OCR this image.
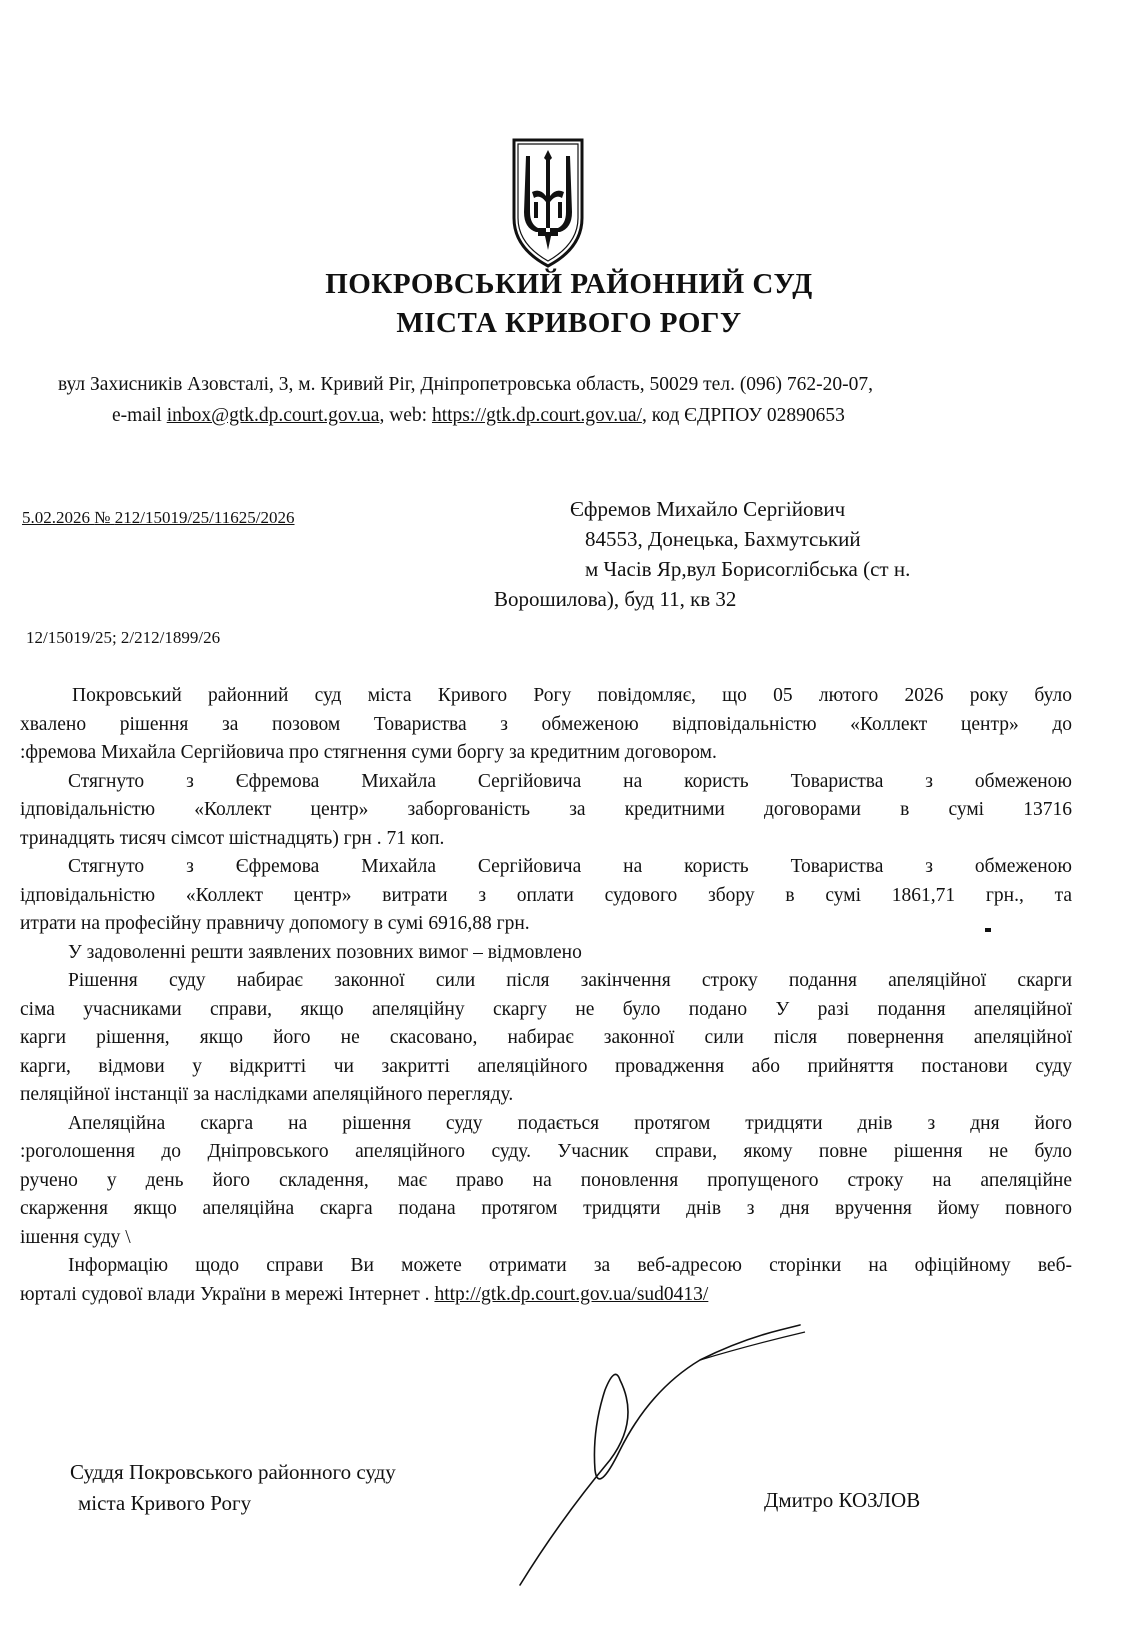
ПОКРОВСЬКИЙ РАЙОННИЙ СУД
МІСТА КРИВОГО РОГУ
вул Захисників Азовсталі, 3, м. Кривий Ріг, Дніпропетровська область, 50029 тел. (096) 762-20-07,
e-mail inbox@gtk.dp.court.gov.ua, web: https://gtk.dp.court.gov.ua/, код ЄДРПОУ 02890653
5.02.2026 № 212/15019/25/11625/2026	Єфремов Михайло Сергійович
84553, Донецька, Бахмутський
м Часів Яр,вул Борисоглібська (ст н.
Ворошилова), буд 11, кв 32
12/15019/25; 2/212/1899/26
Покровський районний суд міста Кривого Рогу повідомляє, що 05 лютого 2026 року було
хвалено рішення за позовом Товариства з обмеженою відповідальністю «Коллект центр» до
:фремова Михайла Сергійовича про стягнення суми боргу за кредитним договором.
Стягнуто з Єфремова Михайла Сергійовича на користь Товариства з обмеженою
ідповідальністю «Коллект центр» заборгованість за кредитними договорами в сумі 13716
тринадцять тисяч сімсот шістнадцять) грн . 71 коп.
Стягнуто з Єфремова Михайла Сергійовича на користь Товариства з обмеженою
ідповідальністю «Коллект центр» витрати з оплати судового збору в сумі 1861,71 грн., та
итрати на професійну правничу допомогу в сумі 6916,88 грн.
У задоволенні решти заявлених позовних вимог – відмовлено
Рішення суду набирає законної сили після закінчення строку подання апеляційної скарги
сіма учасниками справи, якщо апеляційну скаргу не було подано У разі подання апеляційної
карги рішення, якщо його не скасовано, набирає законної сили після повернення апеляційної
карги, відмови у відкритті чи закритті апеляційного провадження або прийняття постанови суду
пеляційної інстанції за наслідками апеляційного перегляду.
Апеляційна скарга на рішення суду подається протягом тридцяти днів з дня його
:роголошення до Дніпровського апеляційного суду. Учасник справи, якому повне рішення не було
ручено у день його складення, має право на поновлення пропущеного строку на апеляційне
скарження якщо апеляційна скарга подана протягом тридцяти днів з дня вручення йому повного
ішення суду \
Інформацію щодо справи Ви можете отримати за веб-адресою сторінки на офіційному веб-
юрталі судової влади України в мережі Інтернет . http://gtk.dp.court.gov.ua/sud0413/
Суддя Покровського районного суду
міста Кривого Рогу	Дмитро КОЗЛОВ
